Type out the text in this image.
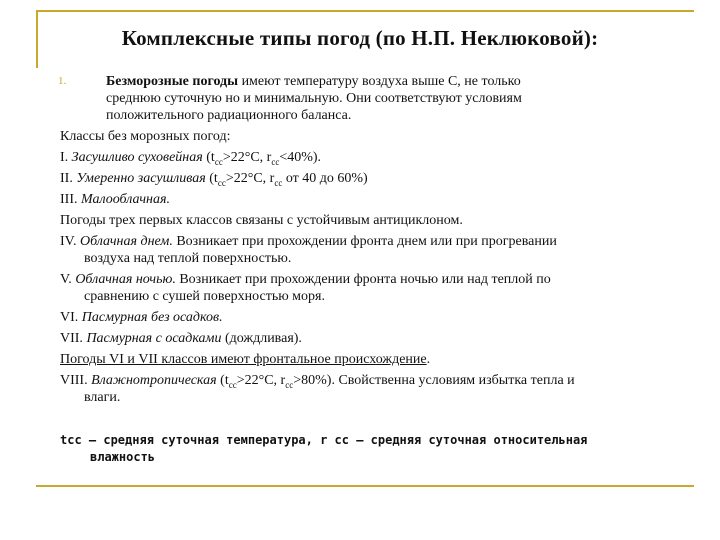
Комплексные типы погод (по Н.П. Неклюковой):
1.	Безморозные погоды имеют температуру воздуха выше С, не только
среднюю суточную но и минимальную. Они соответствуют условиям
положительного радиационного баланса.
Классы без морозных погод:
I. Засушливо суховейная ($t_{cc}>22^\circ С$, $r_{cc}<40\%$).
II. Умеренно засушливая ($t_{cc}>22^\circ С$, $r_{cc}$ от 40 до 60%)
III. Малооблачная.
Погоды трех первых классов связаны с устойчивым антициклоном.
IV. Облачная днем. Возникает при прохождении фронта днем или при прогревании
воздуха над теплой поверхностью.
V. Облачная ночью. Возникает при прохождении фронта ночью или над теплой по
сравнению с сушей поверхностью моря.
VI. Пасмурная без осадков.
VII. Пасмурная с осадками (дождливая).
Погоды VI и VII классов имеют фронтальное происхождение.
VIII. Влажнотропическая ($t_{cc}>22^\circ С$, $r_{cc}>80\%$). Свойственна условиям избытка тепла и
влаги.
tcc – средняя суточная температура, r cc – средняя суточная относительная
влажность
